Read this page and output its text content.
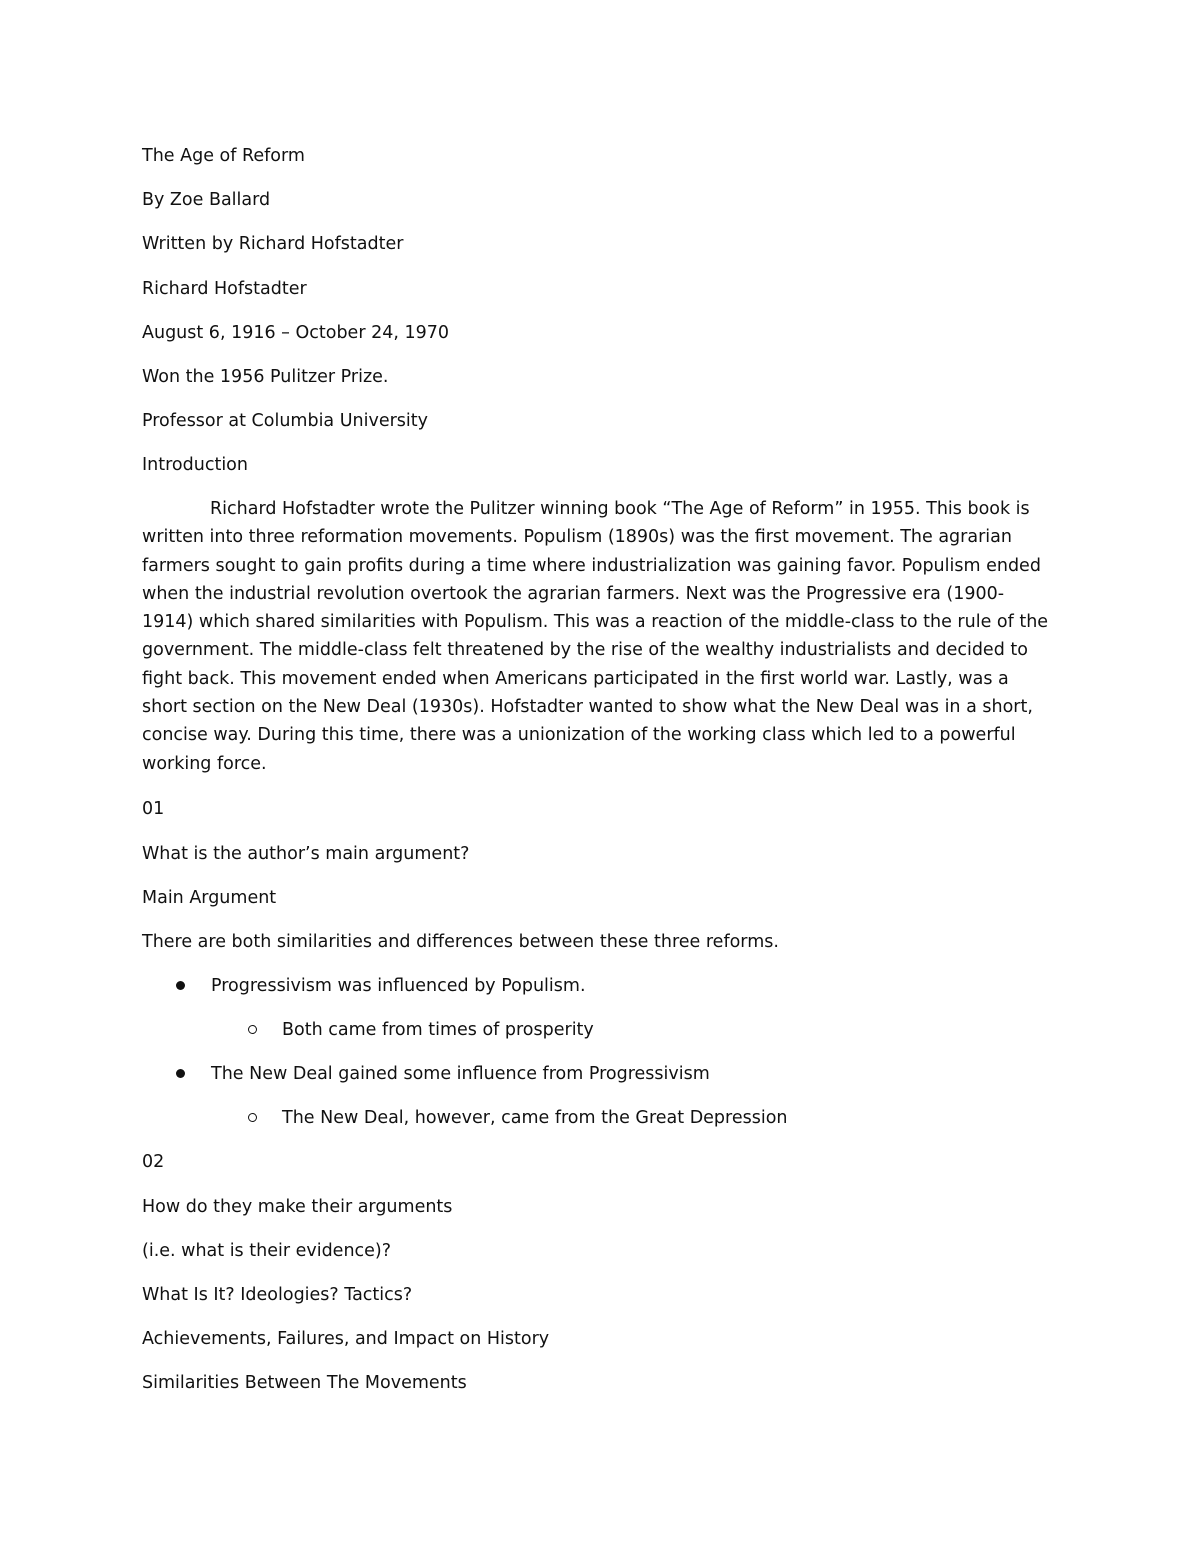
The Age of Reform

By Zoe Ballard

Written by Richard Hofstadter

Richard Hofstadter

August 6, 1916 – October 24, 1970

Won the 1956 Pulitzer Prize.

Professor at Columbia University

Introduction

Richard Hofstadter wrote the Pulitzer winning book “The Age of Reform” in 1955. This book is written into three reformation movements. Populism (1890s) was the first movement. The agrarian farmers sought to gain profits during a time where industrialization was gaining favor. Populism ended when the industrial revolution overtook the agrarian farmers. Next was the Progressive era (1900-1914) which shared similarities with Populism. This was a reaction of the middle-class to the rule of the government. The middle-class felt threatened by the rise of the wealthy industrialists and decided to fight back. This movement ended when Americans participated in the first world war. Lastly, was a short section on the New Deal (1930s). Hofstadter wanted to show what the New Deal was in a short, concise way. During this time, there was a unionization of the working class which led to a powerful working force.

01

What is the author’s main argument?

Main Argument

There are both similarities and differences between these three reforms.

Progressivism was influenced by Populism.

Both came from times of prosperity

The New Deal gained some influence from Progressivism

The New Deal, however, came from the Great Depression

02

How do they make their arguments

(i.e. what is their evidence)?

What Is It? Ideologies? Tactics?

Achievements, Failures, and Impact on History

Similarities Between The Movements
